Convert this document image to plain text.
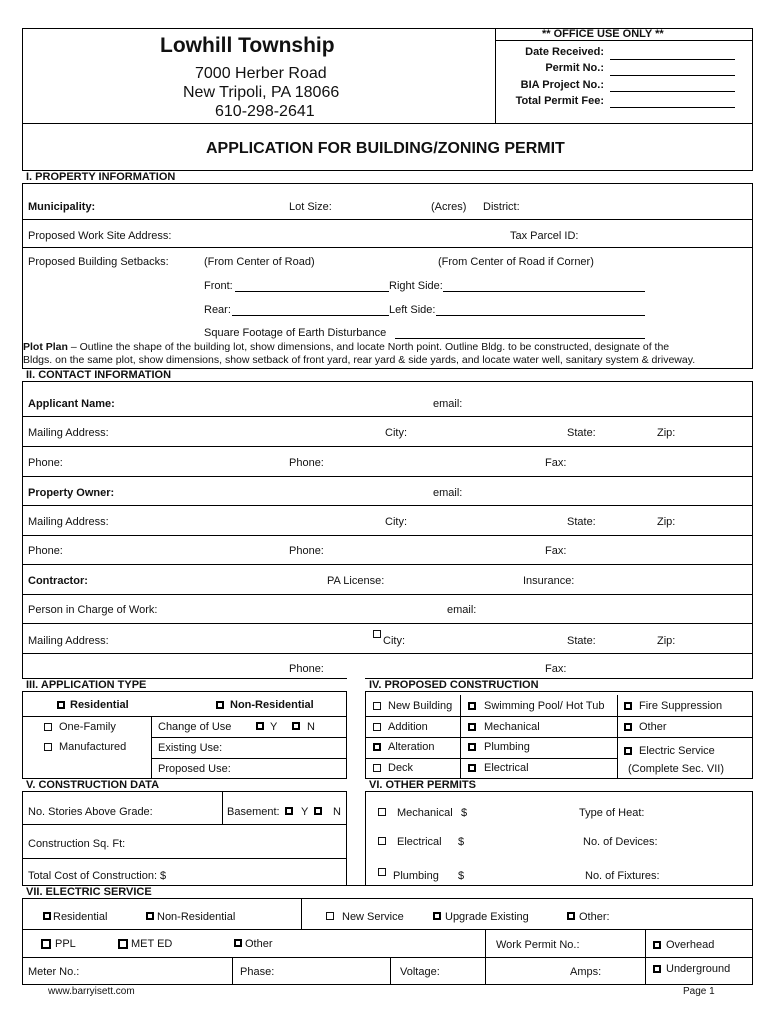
Lowhill Township
7000 Herber Road
New Tripoli, PA 18066
610-298-2641
** OFFICE USE ONLY **
Date Received:
Permit No.:
BIA Project No.:
Total Permit Fee:
APPLICATION FOR BUILDING/ZONING PERMIT
I. PROPERTY INFORMATION
Municipality:	Lot Size:	(Acres) District:
Proposed Work Site Address:	Tax Parcel ID:
Proposed Building Setbacks:	(From Center of Road)	(From Center of Road if Corner)
Front:	Right Side:
Rear:	Left Side:
Square Footage of Earth Disturbance
Plot Plan – Outline the shape of the building lot, show dimensions, and locate North point. Outline Bldg. to be constructed, designate of the
Bldgs. on the same plot, show dimensions, show setback of front yard, rear yard & side yards, and locate water well, sanitary system & driveway.
II. CONTACT INFORMATION
Applicant Name:	email:
Mailing Address:	City:	State:	Zip:
Phone:	Phone:	Fax:
Property Owner:	email:
Mailing Address:	City:	State:	Zip:
Phone:	Phone:	Fax:
Contractor:	PA License:	Insurance:
Person in Charge of Work:	email:
Mailing Address:	City:	State:	Zip:
Phone:	Fax:
III. APPLICATION TYPE	IV. PROPOSED CONSTRUCTION
Residential	Non-Residential
One-Family	Change of Use	Y	N
Manufactured	Existing Use:
Proposed Use:
New Building	Swimming Pool/ Hot Tub	Fire Suppression
Addition	Mechanical	Other
Alteration	Plumbing	Electric Service
Deck	Electrical	(Complete Sec. VII)
V. CONSTRUCTION DATA	VI. OTHER PERMITS
No. Stories Above Grade:	Basement: Y N
Construction Sq. Ft:
Total Cost of Construction: $
Mechanical $	Type of Heat:
Electrical $	No. of Devices:
Plumbing $	No. of Fixtures:
VII. ELECTRIC SERVICE
Residential	Non-Residential	New Service	Upgrade Existing	Other:
PPL	MET ED	Other	Work Permit No.:	Overhead
Meter No.:	Phase:	Voltage:	Amps:	Underground
www.barryisett.com	Page 1
